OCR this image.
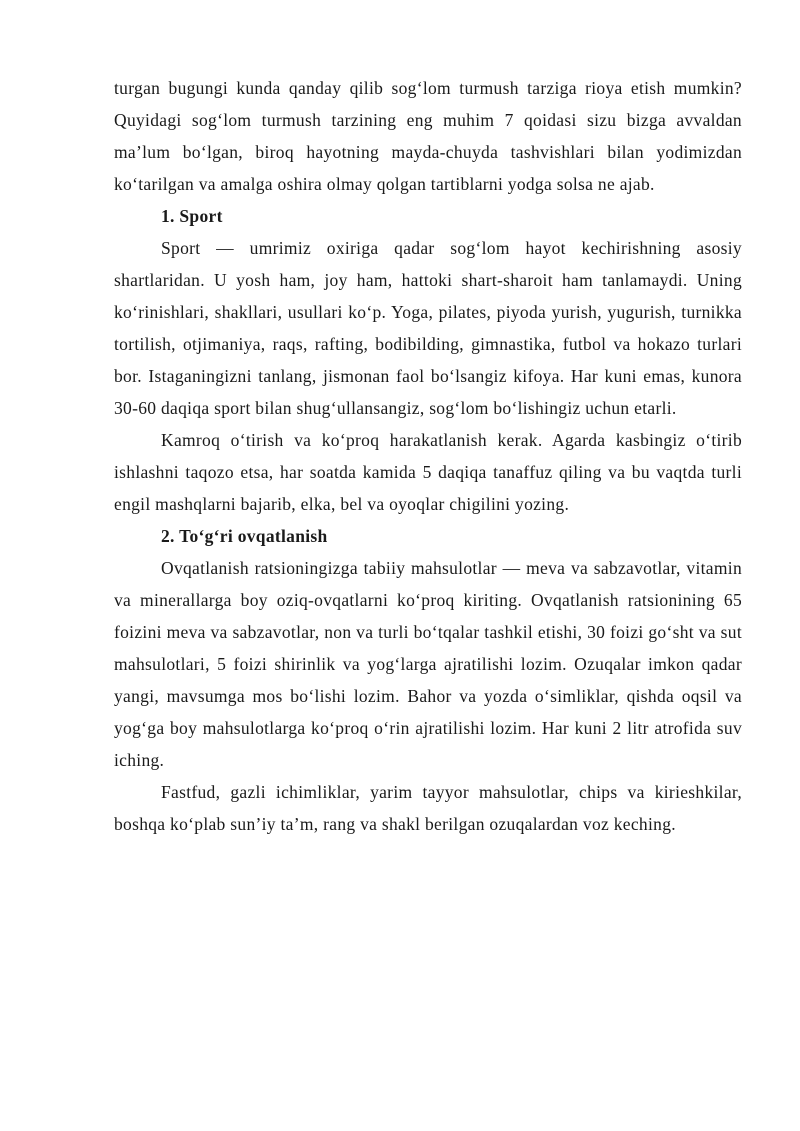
turgan bugungi kunda qanday qilib sog‘lom turmush tarziga rioya etish mumkin? Quyidagi sog‘lom turmush tarzining eng muhim 7 qoidasi sizu bizga avvaldan ma’lum bo‘lgan, biroq hayotning mayda-chuyda tashvishlari bilan yodimizdan ko‘tarilgan va amalga oshira olmay qolgan tartiblarni yodga solsa ne ajab.

1. Sport

Sport — umrimiz oxiriga qadar sog‘lom hayot kechirishning asosiy shartlaridan. U yosh ham, joy ham, hattoki shart-sharoit ham tanlamaydi. Uning ko‘rinishlari, shakllari, usullari ko‘p. Yoga, pilates, piyoda yurish, yugurish, turnikka tortilish, otjimaniya, raqs, rafting, bodibilding, gimnastika, futbol va hokazo turlari bor. Istaganingizni tanlang, jismonan faol bo‘lsangiz kifoya. Har kuni emas, kunora 30-60 daqiqa sport bilan shug‘ullansangiz, sog‘lom bo‘lishingiz uchun etarli.

Kamroq o‘tirish va ko‘proq harakatlanish kerak. Agarda kasbingiz o‘tirib ishlashni taqozo etsa, har soatda kamida 5 daqiqa tanaffuz qiling va bu vaqtda turli engil mashqlarni bajarib, elka, bel va oyoqlar chigilini yozing.

2. To‘g‘ri ovqatlanish

Ovqatlanish ratsioningizga tabiiy mahsulotlar — meva va sabzavotlar, vitamin va minerallarga boy oziq-ovqatlarni ko‘proq kiriting. Ovqatlanish ratsionining 65 foizini meva va sabzavotlar, non va turli bo‘tqalar tashkil etishi, 30 foizi go‘sht va sut mahsulotlari, 5 foizi shirinlik va yog‘larga ajratilishi lozim. Ozuqalar imkon qadar yangi, mavsumga mos bo‘lishi lozim. Bahor va yozda o‘simliklar, qishda oqsil va yog‘ga boy mahsulotlarga ko‘proq o‘rin ajratilishi lozim. Har kuni 2 litr atrofida suv iching.

Fastfud, gazli ichimliklar, yarim tayyor mahsulotlar, chips va kirieshkilar, boshqa ko‘plab sun’iy ta’m, rang va shakl berilgan ozuqalardan voz keching.
